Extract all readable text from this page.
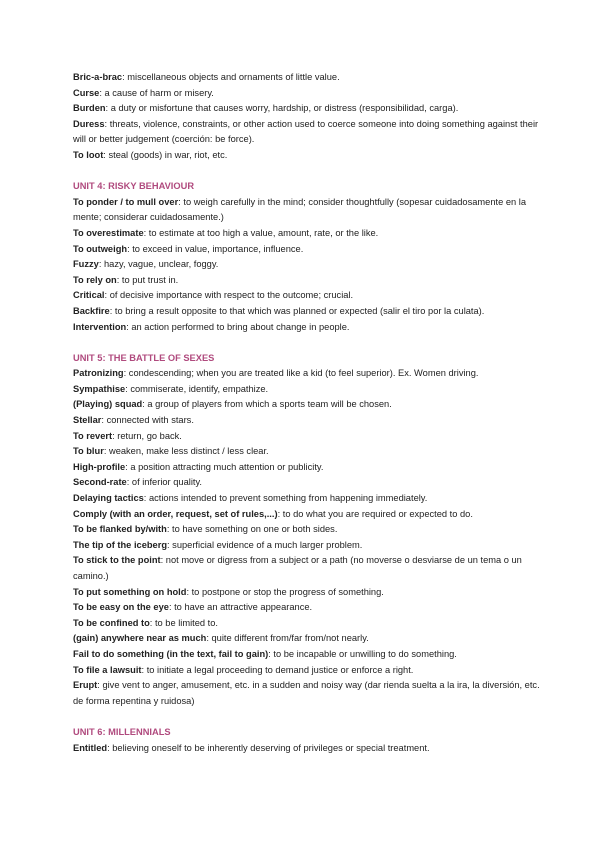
Bric-a-brac: miscellaneous objects and ornaments of little value.

Curse: a cause of harm or misery.

Burden: a duty or misfortune that causes worry, hardship, or distress (responsibilidad, carga).

Duress: threats, violence, constraints, or other action used to coerce someone into doing something against their will or better judgement (coerción: be force).

To loot: steal (goods) in war, riot, etc.

UNIT 4: RISKY BEHAVIOUR

To ponder / to mull over: to weigh carefully in the mind; consider thoughtfully (sopesar cuidadosamente en la mente; considerar cuidadosamente.)

To overestimate: to estimate at too high a value, amount, rate, or the like.

To outweigh: to exceed in value, importance, influence.

Fuzzy: hazy, vague, unclear, foggy.

To rely on: to put trust in.

Critical: of decisive importance with respect to the outcome; crucial.

Backfire: to bring a result opposite to that which was planned or expected (salir el tiro por la culata).

Intervention: an action performed to bring about change in people.

UNIT 5: THE BATTLE OF SEXES

Patronizing: condescending; when you are treated like a kid (to feel superior). Ex. Women driving.

Sympathise: commiserate, identify, empathize.

(Playing) squad: a group of players from which a sports team will be chosen.

Stellar: connected with stars.

To revert: return, go back.

To blur: weaken, make less distinct / less clear.

High-profile: a position attracting much attention or publicity.

Second-rate: of inferior quality.

Delaying tactics: actions intended to prevent something from happening immediately.

Comply (with an order, request, set of rules,...): to do what you are required or expected to do.

To be flanked by/with: to have something on one or both sides.

The tip of the iceberg: superficial evidence of a much larger problem.

To stick to the point: not move or digress from a subject or a path (no moverse o desviarse de un tema o un camino.)

To put something on hold: to postpone or stop the progress of something.

To be easy on the eye: to have an attractive appearance.

To be confined to: to be limited to.

(gain) anywhere near as much: quite different from/far from/not nearly.

Fail to do something (in the text, fail to gain): to be incapable or unwilling to do something.

To file a lawsuit: to initiate a legal proceeding to demand justice or enforce a right.

Erupt: give vent to anger, amusement, etc. in a sudden and noisy way (dar rienda suelta a la ira, la diversión, etc. de forma repentina y ruidosa)

UNIT 6: MILLENNIALS

Entitled: believing oneself to be inherently deserving of privileges or special treatment.
